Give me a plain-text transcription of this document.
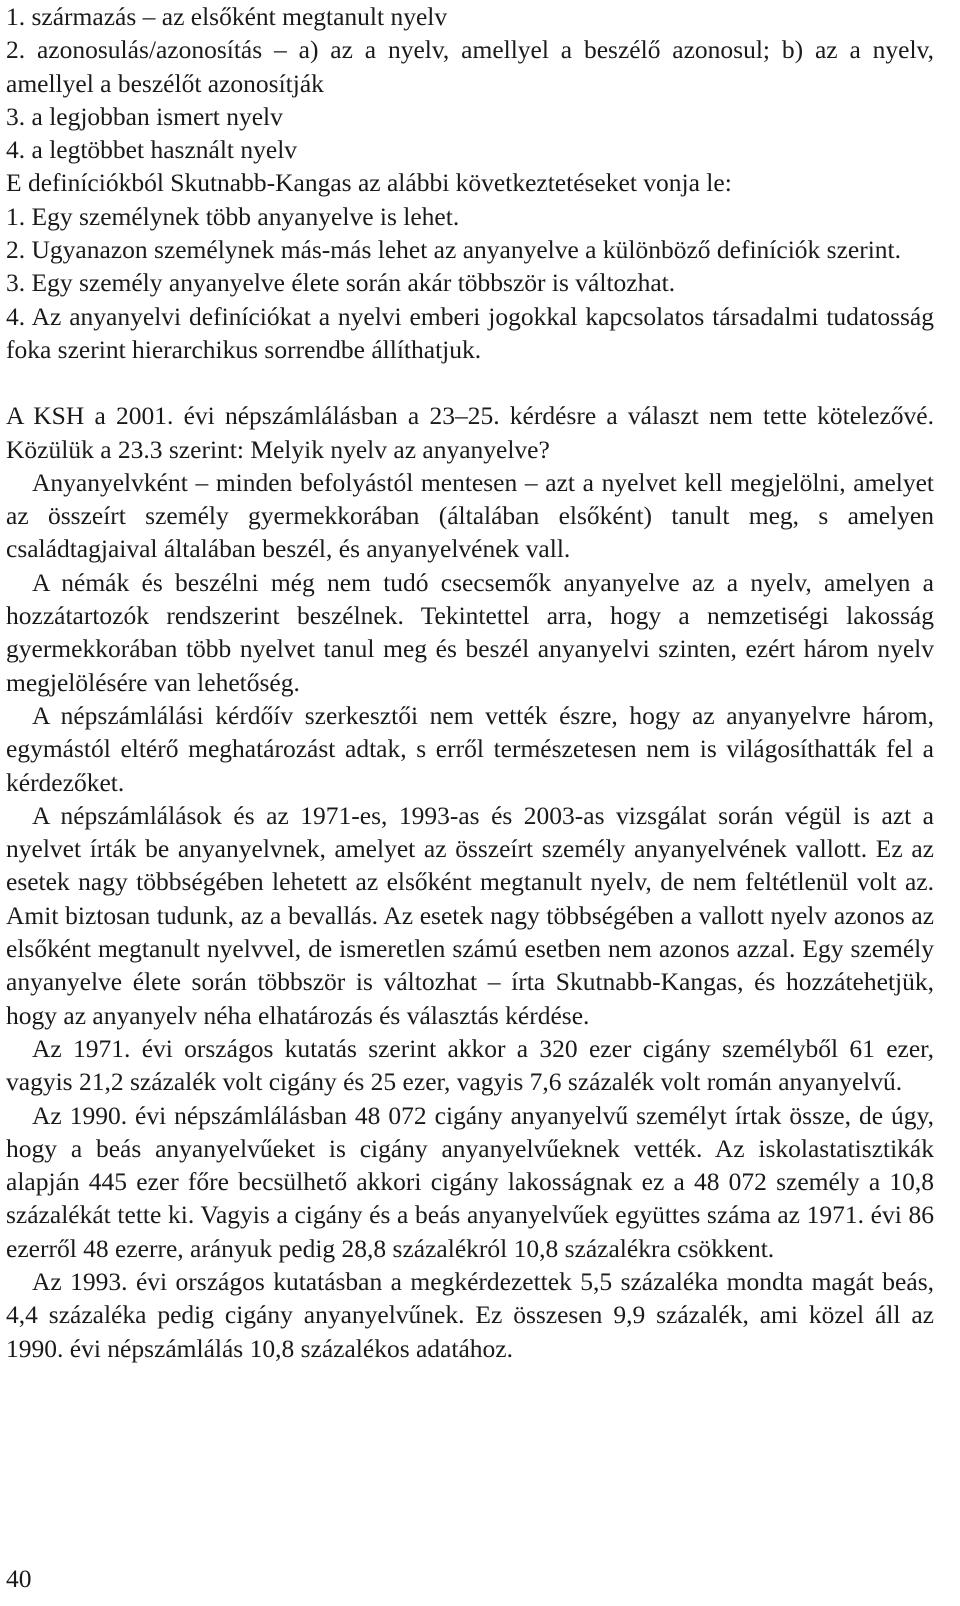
1. származás – az elsőként megtanult nyelv

2. azonosulás/azonosítás – a) az a nyelv, amellyel a beszélő azonosul; b) az a nyelv, amellyel a beszélőt azonosítják

3. a legjobban ismert nyelv

4. a legtöbbet használt nyelv

E definíciókból Skutnabb-Kangas az alábbi következtetéseket vonja le:

1. Egy személynek több anyanyelve is lehet.

2. Ugyanazon személynek más-más lehet az anyanyelve a különböző definíciók szerint.

3. Egy személy anyanyelve élete során akár többször is változhat.

4. Az anyanyelvi definíciókat a nyelvi emberi jogokkal kapcsolatos társadalmi tudatosság foka szerint hierarchikus sorrendbe állíthatjuk.

A KSH a 2001. évi népszámlálásban a 23–25. kérdésre a választ nem tette kötelezővé. Közülük a 23.3 szerint: Melyik nyelv az anyanyelve?

Anyanyelvként – minden befolyástól mentesen – azt a nyelvet kell megjelölni, amelyet az összeírt személy gyermekkorában (általában elsőként) tanult meg, s amelyen családtagjaival általában beszél, és anyanyelvének vall.

A némák és beszélni még nem tudó csecsemők anyanyelve az a nyelv, amelyen a hozzátartozók rendszerint beszélnek. Tekintettel arra, hogy a nemzetiségi lakosság gyermekkorában több nyelvet tanul meg és beszél anyanyelvi szinten, ezért három nyelv megjelölésére van lehetőség.

A népszámlálási kérdőív szerkesztői nem vették észre, hogy az anyanyelvre három, egymástól eltérő meghatározást adtak, s erről természetesen nem is világosíthatták fel a kérdezőket.

A népszámlálások és az 1971-es, 1993-as és 2003-as vizsgálat során végül is azt a nyelvet írták be anyanyelvnek, amelyet az összeírt személy anyanyelvének vallott. Ez az esetek nagy többségében lehetett az elsőként megtanult nyelv, de nem feltétlenül volt az. Amit biztosan tudunk, az a bevallás. Az esetek nagy többségében a vallott nyelv azonos az elsőként megtanult nyelvvel, de ismeretlen számú esetben nem azonos azzal. Egy személy anyanyelve élete során többször is változhat – írta Skutnabb-Kangas, és hozzátehetjük, hogy az anyanyelv néha elhatározás és választás kérdése.

Az 1971. évi országos kutatás szerint akkor a 320 ezer cigány személyből 61 ezer, vagyis 21,2 százalék volt cigány és 25 ezer, vagyis 7,6 százalék volt román anyanyelvű.

Az 1990. évi népszámlálásban 48 072 cigány anyanyelvű személyt írtak össze, de úgy, hogy a beás anyanyelvűeket is cigány anyanyelvűeknek vették. Az iskolastatisztikák alapján 445 ezer főre becsülhető akkori cigány lakosságnak ez a 48 072 személy a 10,8 százalékát tette ki. Vagyis a cigány és a beás anyanyelvűek együttes száma az 1971. évi 86 ezerről 48 ezerre, arányuk pedig 28,8 százalékról 10,8 százalékra csökkent.

Az 1993. évi országos kutatásban a megkérdezettek 5,5 százaléka mondta magát beás, 4,4 százaléka pedig cigány anyanyelvűnek. Ez összesen 9,9 százalék, ami közel áll az 1990. évi népszámlálás 10,8 százalékos adatához.

40
